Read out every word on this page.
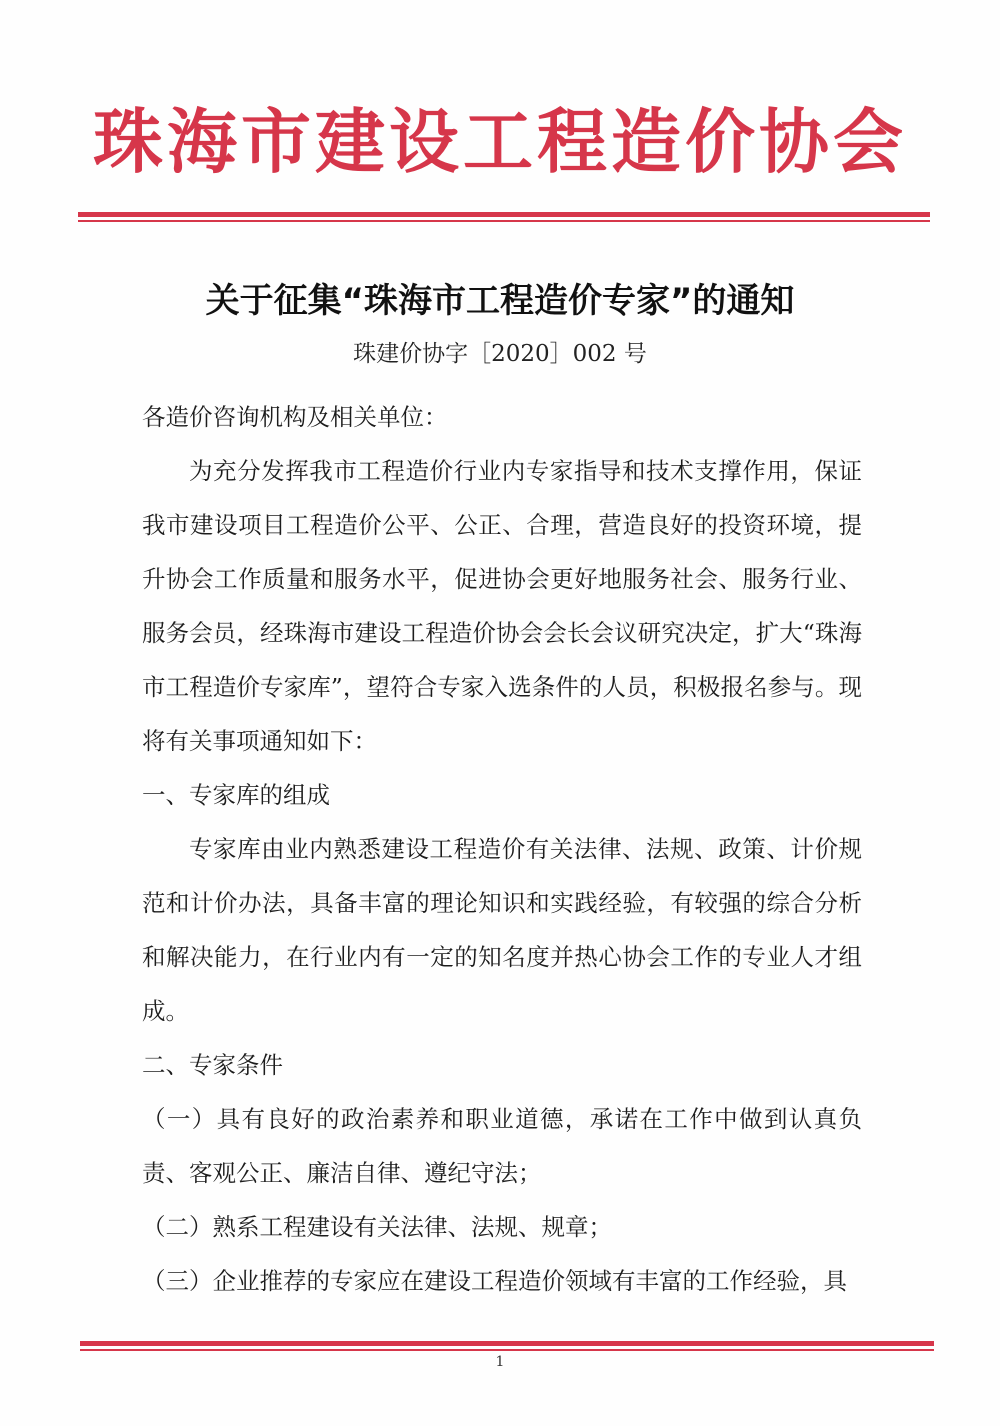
珠海市建设工程造价协会
关于征集“珠海市工程造价专家”的通知
珠建价协字［2020］002 号

各造价咨询机构及相关单位：

为充分发挥我市工程造价行业内专家指导和技术支撑作用，保证我市建设项目工程造价公平、公正、合理，营造良好的投资环境，提升协会工作质量和服务水平，促进协会更好地服务社会、服务行业、服务会员，经珠海市建设工程造价协会会长会议研究决定，扩大“珠海市工程造价专家库”，望符合专家入选条件的人员，积极报名参与。现将有关事项通知如下：

一、专家库的组成

专家库由业内熟悉建设工程造价有关法律、法规、政策、计价规范和计价办法，具备丰富的理论知识和实践经验，有较强的综合分析和解决能力，在行业内有一定的知名度并热心协会工作的专业人才组成。

二、专家条件

（一）具有良好的政治素养和职业道德，承诺在工作中做到认真负责、客观公正、廉洁自律、遵纪守法；

（二）熟系工程建设有关法律、法规、规章；

（三）企业推荐的专家应在建设工程造价领域有丰富的工作经验，具

1
